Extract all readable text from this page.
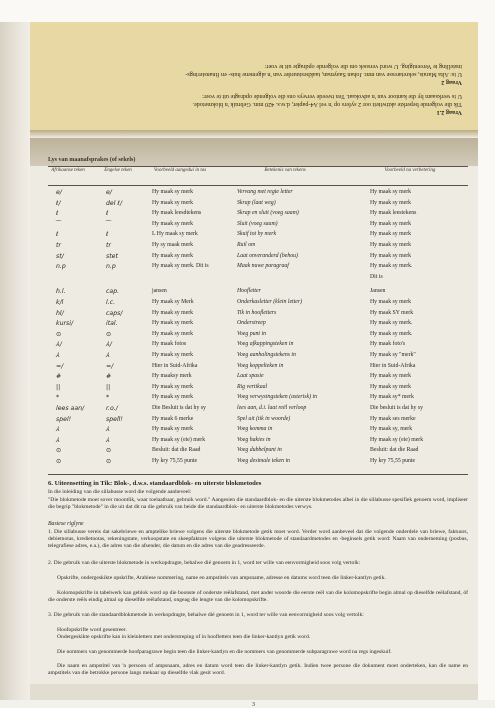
Vraag 2.1
Tik die volgende beperkte aktiwiteit oor 2 syfers op 'n vel A4-papier, d.w.s. 420 mm. Gebruik 'n blokmetode.
U is werksaam by die kantoor van 'n advokaat. Ten tweede verwys ons die volgende opdragte uit te voer:
Vraag 2
U is: Alta Marais, sekretaresse van mnr. Johan Saayman, taakbestuurder van 'n algemene huis- en finansierings-
instelling te Vereeniging. U word versoek om die volgende opdragte uit te voer:
Lys van maanafsprakes (of sekels)
Afrikaanse teken	Engelse teken	Voorbeeld aangedui in tas	Betekenis van tekens	Voorbeeld na verbetering
e/	e/	Hy maak sy merk	Vervang met regte letter	Hy maak sy merk
ℓ/	del ℓ/	Hy maak sy merk	Skrap (laat weg)	Hy maak sy merk
ℓ	ℓ	Hy maak leesdtekens	Skrap en sluit (voeg saam)	Hy maak leestekens
⁀	⁀	Hy maak sy merk	Sluit (voeg saam)	Hy maak sy merk
ℓ	ℓ	L Hy maak sy merk	Skuif tot by merk	Hy maak sy merk
tr	tr	Hy sy maak merk	Ruil om	Hy maak sy merk
st/	stet	Hy maak sy merk	Laat onveranderd (behou)	Hy maak sy merk
n.p	n.p	Hy maak sy merk. Dit is	Maak nuwe paragraaf	Hy maak sy merk.
Dit is
h.l.	cap.	jansen	Hoofletter	Jansen
k/l	l.c.	Hy maak sy Merk	Onderkasletter (klein letter)	Hy maak sy merk
hl/	caps/	Hy maak sy merk	Tik in hoofletters	Hy maak SY merk
kursi/	ital.	Hy maak sy merk	Onderstreep	Hy maak sy merk.
⊙	⊙	Hy maak sy merk	Voeg punt in	Hy maak sy merk.
⅄/	⅄/	Hy maak fotos	Voeg afkappingsteken in	Hy maak foto's
⅄	⅄	Hy maak sy merk	Voeg aanhalingstekens in	Hy maak sy "merk"
=/	=/	Hier in Suid-Afrika	Voeg koppelteken in	Hier in Suid-Afrika
#	#	Hy maaksy merk	Laat spasie	Hy maak sy merk
||	||	Hy maak sy merk	Rig vertikaal	Hy maak sy merk
*	*	Hy maak sy merk	Voeg verwysingsteken (asterisk) in	Hy maak sy* merk
lees aan/	r.o./	Die Besluit is dat hy sy	lees aan, d.i. laat reël verloop	Die besluit is dat hy sy
spel!	spell!	Hy maak 6 merke	Spel uit (tik in woorde)	Hy maak ses merke
⅄	⅄	Hy maak sy merk	Voeg komma in	Hy maak sy, merk
⅄	⅄	Hy maak sy (eie) merk	Voeg hakies in	Hy maak sy (eie) merk
⊙	⊙	Besluit: dat die Raad	Voeg dubbelpunt in	Besluit: dat die Raad
⊙	⊙	Hy kry 75,55 punte	Voeg desimale teken in	Hy kry 75,55 punte
6. Uiteensetting in Tik: Blok-, d.w.s. standaardblok- en uiterste blokmetodes
In die inleiding van die sillabusse word die volgende aanbeveel:
"Die blokmetode moet sover moontlik, waar toelaatbaar, gebruik word." Aangesien die standaardblok- en die uiterste blokmetodes albei in die sillabusse spesifiek genoem word, impliseer die begrip "blokmetode" in die uit dat dit na die gebruik van beide die standaardblok- en uiterste blokmetodes verwys.
Basiese riglyne
1. Die sillabusse vereis dat sakebriewe en amptelike briewe volgens die uiterste blokmetode getik moet word. Verder word aanbeveel dat die volgende onderdele van briewe, faktuurs, debietnotas, kredietnotas, rekeningstate, verkoopstate en skeepfakture volgens die uiterste blokmetode of standaardmetodes en -beginsels getik word: Naam van onderneming (posbus, telegrafiese adres, e.a.), die adres van die afsender, die datum en die adres van die geadresseerde.
2. Die gebruik van die uiterste blokmetode in werkopdragte, behalwe dié genoem in 1, word ter wille van eenvormigheid soos volg vertolk:
Opskrifte, ondergeskikte opskrifte, Arabiese nommering, name en ampstitels van ampsname, adresse en datums word teen die linker-kantlyn getik.
Kolomopskrifte in tabelwerk kan geblok word op die boonste of onderste reëlafstand, met ander woorde die eerste reël van die kolomopskrifte begin almal op dieselfde reëlafstand, óf die onderste reëls eindig almal op dieselfde reëlafstand, ongeag die lengte van die kolomopskrifte.
3. Die gebruik van die standaardblokmetode in werkopdragte, behalwe dié genoem in 1, word ter wille van eenvormigheid soos volg vertolk:
Hoofopskrifte word gesentreer.
Ondergeskikte opskrifte kan in kleinletters met onderstreping of in hoofletters teen die linker-kantlyn getik word.
Die nommers van genommerde hoofparagrawe begin teen die linker-kantlyn en die nommers van genommerde subparagrawe word na regs ingeskuif.
Die naam en ampstitel van 'n persoon of ampsnaam, adres en datum word teen die linker-kantlyn getik. Indien twee persone die dokument moet onderteken, kan die name en ampstitels van die betrokke persone langs mekaar op dieselfde vlak gesit word.
3
